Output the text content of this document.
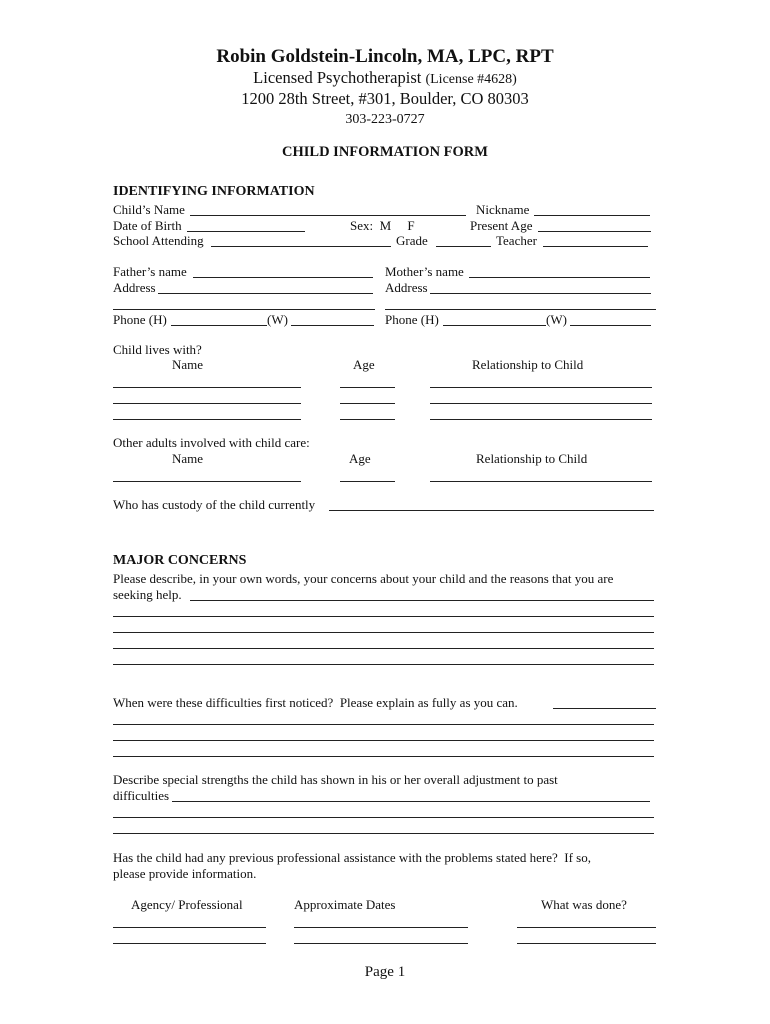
Robin Goldstein-Lincoln, MA, LPC, RPT
Licensed Psychotherapist (License #4628)
1200 28th Street, #301, Boulder, CO 80303
303-223-0727
CHILD INFORMATION FORM
IDENTIFYING INFORMATION
Child’s Name	Nickname
Date of Birth	Sex:  M     F	Present Age
School Attending	Grade	Teacher
Father’s name	Mother’s name
Address	Address
Phone (H)	(W)	Phone (H)	(W)
Child lives with?
Name	Age	Relationship to Child
Other adults involved with child care:
Name	Age	Relationship to Child
Who has custody of the child currently
MAJOR CONCERNS
Please describe, in your own words, your concerns about your child and the reasons that you are
seeking help.
When were these difficulties first noticed?  Please explain as fully as you can.
Describe special strengths the child has shown in his or her overall adjustment to past
difficulties
Has the child had any previous professional assistance with the problems stated here?  If so,
please provide information.
Agency/ Professional	Approximate Dates	What was done?
Page 1
